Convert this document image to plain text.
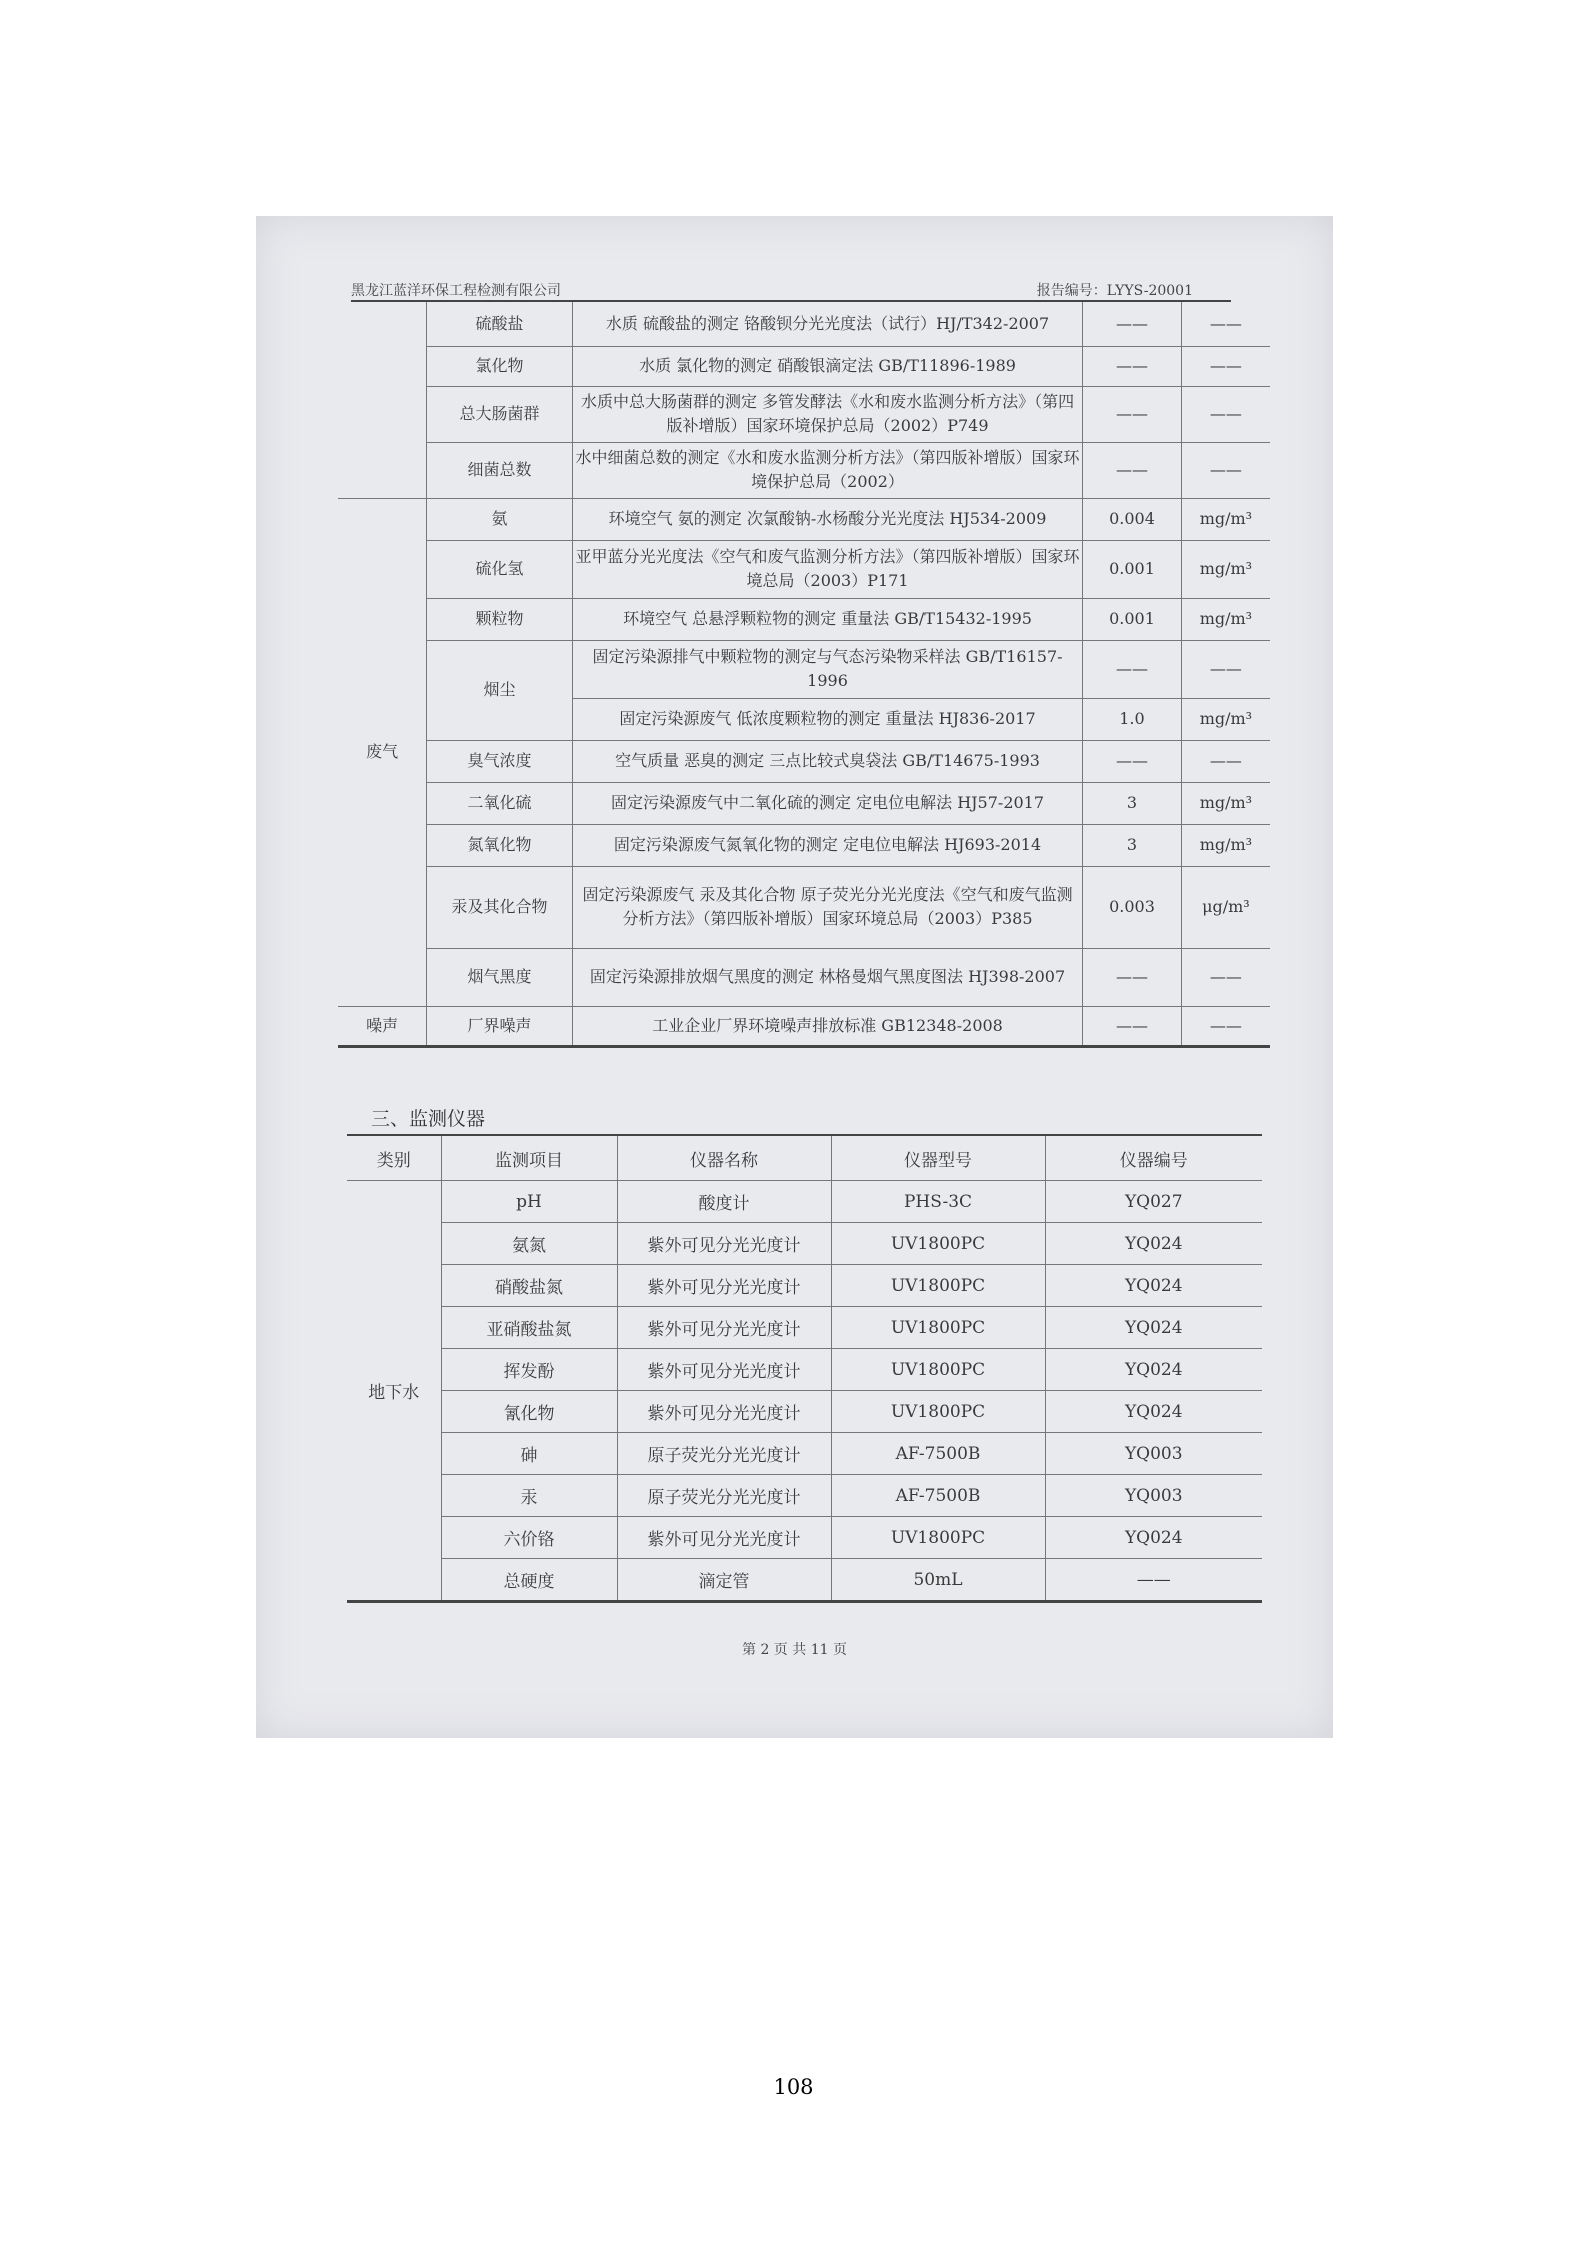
黑龙江蓝洋环保工程检测有限公司	报告编号：LYYS-20001
	硫酸盐	水质 硫酸盐的测定 铬酸钡分光光度法（试行）HJ/T342-2007	——	——
	氯化物	水质 氯化物的测定 硝酸银滴定法 GB/T11896-1989	——	——
	总大肠菌群	水质中总大肠菌群的测定 多管发酵法《水和废水监测分析方法》（第四版补增版）国家环境保护总局（2002）P749	——	——
	细菌总数	水中细菌总数的测定《水和废水监测分析方法》（第四版补增版）国家环境保护总局（2002）	——	——
废气	氨	环境空气 氨的测定 次氯酸钠-水杨酸分光光度法 HJ534-2009	0.004	mg/m³
	硫化氢	亚甲蓝分光光度法《空气和废气监测分析方法》（第四版补增版）国家环境总局（2003）P171	0.001	mg/m³
	颗粒物	环境空气 总悬浮颗粒物的测定 重量法 GB/T15432-1995	0.001	mg/m³
	烟尘	固定污染源排气中颗粒物的测定与气态污染物采样法 GB/T16157-1996	——	——
		固定污染源废气 低浓度颗粒物的测定 重量法 HJ836-2017	1.0	mg/m³
	臭气浓度	空气质量 恶臭的测定 三点比较式臭袋法 GB/T14675-1993	——	——
	二氧化硫	固定污染源废气中二氧化硫的测定 定电位电解法 HJ57-2017	3	mg/m³
	氮氧化物	固定污染源废气氮氧化物的测定 定电位电解法 HJ693-2014	3	mg/m³
	汞及其化合物	固定污染源废气 汞及其化合物 原子荧光分光光度法《空气和废气监测分析方法》（第四版补增版）国家环境总局（2003）P385	0.003	μg/m³
	烟气黑度	固定污染源排放烟气黑度的测定 林格曼烟气黑度图法 HJ398-2007	——	——

噪声	厂界噪声	工业企业厂界环境噪声排放标准 GB12348-2008	——	——
三、监测仪器
类别	监测项目	仪器名称	仪器型号	仪器编号
地下水	pH	酸度计	PHS-3C	YQ027
	氨氮	紫外可见分光光度计	UV1800PC	YQ024
	硝酸盐氮	紫外可见分光光度计	UV1800PC	YQ024
	亚硝酸盐氮	紫外可见分光光度计	UV1800PC	YQ024
	挥发酚	紫外可见分光光度计	UV1800PC	YQ024
	氰化物	紫外可见分光光度计	UV1800PC	YQ024
	砷	原子荧光分光光度计	AF-7500B	YQ003
	汞	原子荧光分光光度计	AF-7500B	YQ003
	六价铬	紫外可见分光光度计	UV1800PC	YQ024
	总硬度	滴定管	50mL	——
第 2 页 共 11 页
108
